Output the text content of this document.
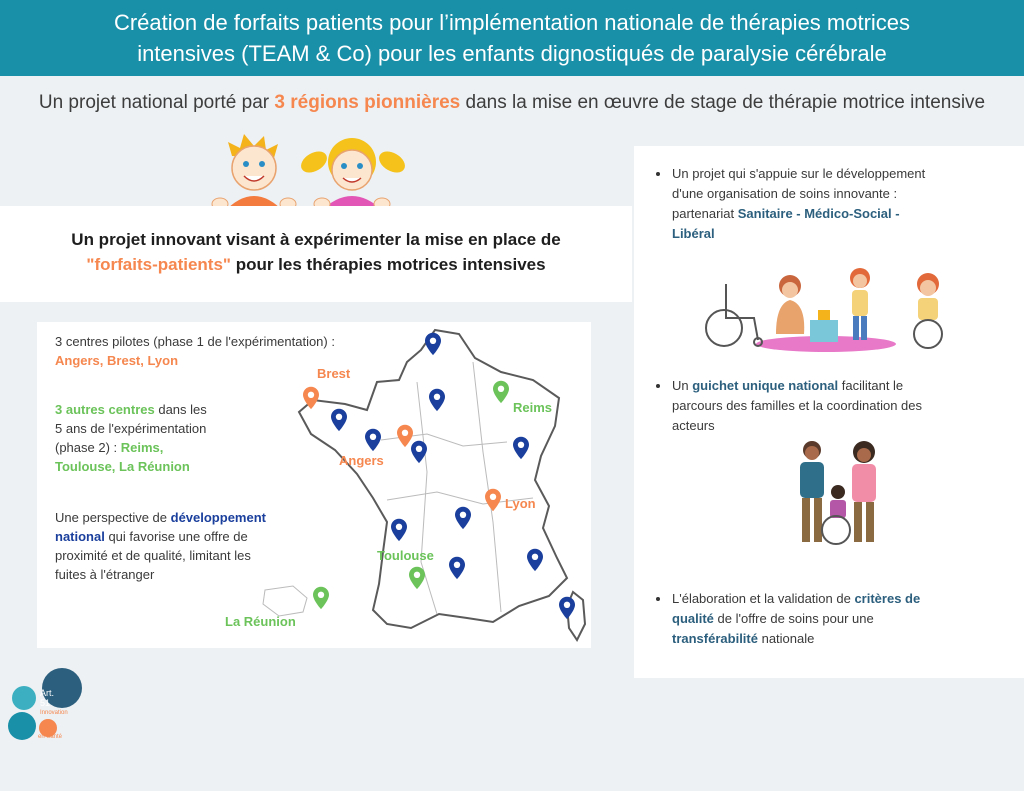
Création de forfaits patients pour l’implémentation nationale de thérapies motrices
intensives (TEAM & Co) pour les enfants dignostiqués de paralysie cérébrale
Un projet national porté par 3 régions pionnières dans la mise en œuvre de stage de thérapie motrice intensive
Un projet innovant visant à expérimenter la mise en place de
"forfaits-patients" pour les thérapies motrices intensives
3 centres pilotes (phase 1 de l'expérimentation) :
Angers, Brest, Lyon
3 autres centres dans les
5 ans de l'expérimentation
(phase 2) : Reims,
Toulouse, La Réunion
Une perspective de développement
national qui favorise une offre de
proximité et de qualité, limitant les
fuites à l'étranger
Brest
Angers
Lyon
Reims
Toulouse
La Réunion
Un projet qui s'appuie sur le développement
d'une organisation de soins innovante :
partenariat Sanitaire - Médico-Social -
Libéral
Un guichet unique national facilitant le
parcours des familles et la coordination des
acteurs
L'élaboration et la validation de critères de
qualité de l'offre de soins pour une
transférabilité nationale
Art.
51
Innovation
en Santé
